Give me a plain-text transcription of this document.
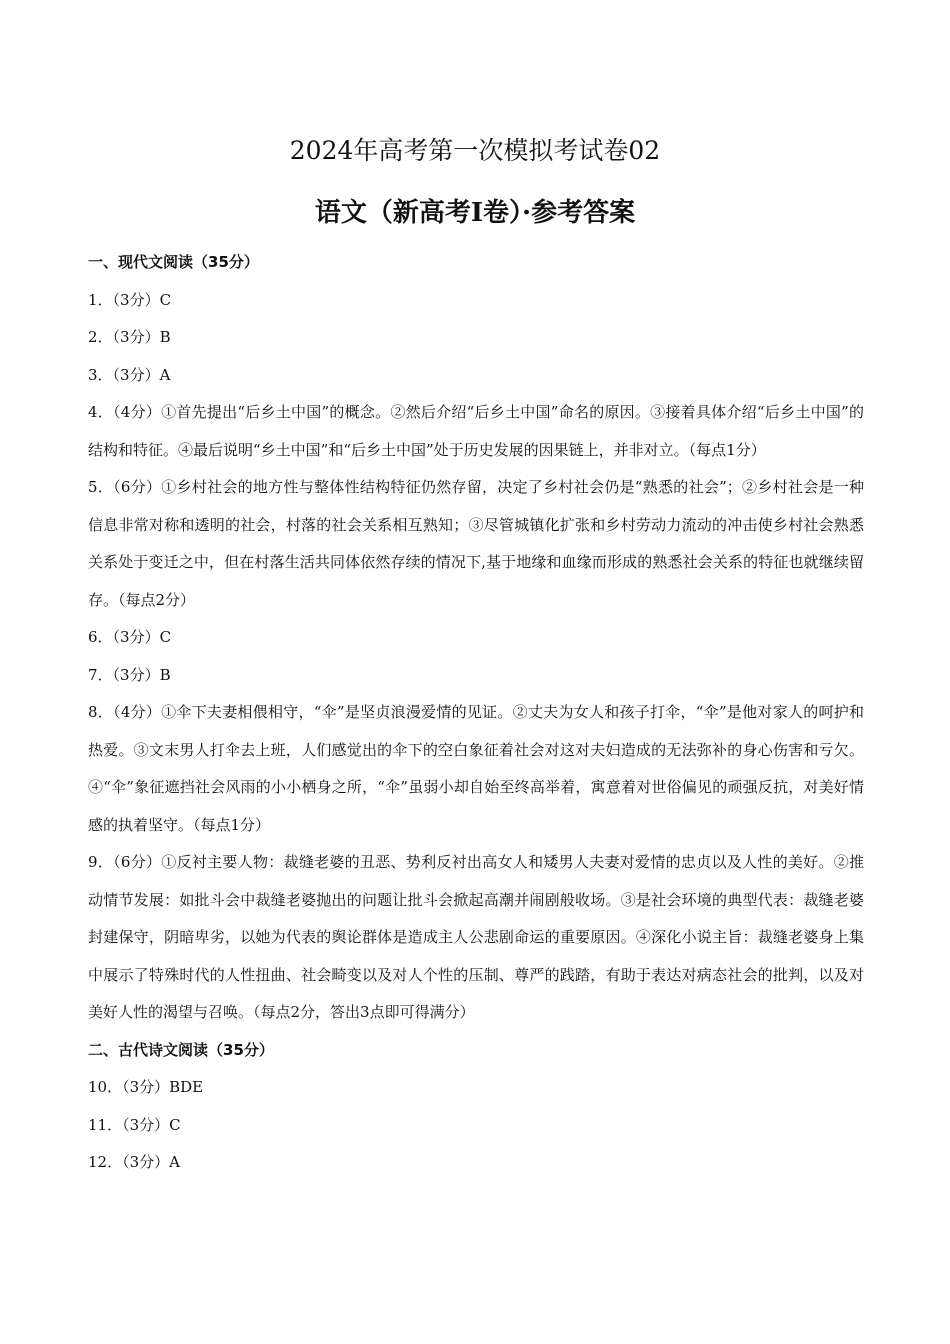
2024年高考第一次模拟考试卷02
语文（新高考Ⅰ卷）·参考答案
一、现代文阅读（35分）
1．（3分）C
2．（3分）B
3．（3分）A
4．（4分）①首先提出“后乡土中国”的概念。②然后介绍“后乡土中国”命名的原因。③接着具体介绍“后乡土中国”的结构和特征。④最后说明“乡土中国”和“后乡土中国”处于历史发展的因果链上，并非对立。（每点1分）
5．（6分）①乡村社会的地方性与整体性结构特征仍然存留，决定了乡村社会仍是“熟悉的社会”；②乡村社会是一种信息非常对称和透明的社会，村落的社会关系相互熟知；③尽管城镇化扩张和乡村劳动力流动的冲击使乡村社会熟悉关系处于变迁之中，但在村落生活共同体依然存续的情况下,基于地缘和血缘而形成的熟悉社会关系的特征也就继续留存。（每点2分）
6．（3分）C
7．（3分）B
8．（4分）①伞下夫妻相偎相守，“伞”是坚贞浪漫爱情的见证。②丈夫为女人和孩子打伞，“伞”是他对家人的呵护和热爱。③文末男人打伞去上班，人们感觉出的伞下的空白象征着社会对这对夫妇造成的无法弥补的身心伤害和亏欠。④“伞”象征遮挡社会风雨的小小栖身之所，“伞”虽弱小却自始至终高举着，寓意着对世俗偏见的顽强反抗，对美好情感的执着坚守。（每点1分）
9．（6分）①反衬主要人物：裁缝老婆的丑恶、势利反衬出高女人和矮男人夫妻对爱情的忠贞以及人性的美好。②推动情节发展：如批斗会中裁缝老婆抛出的问题让批斗会掀起高潮并闹剧般收场。③是社会环境的典型代表：裁缝老婆封建保守，阴暗卑劣，以她为代表的舆论群体是造成主人公悲剧命运的重要原因。④深化小说主旨：裁缝老婆身上集中展示了特殊时代的人性扭曲、社会畸变以及对人个性的压制、尊严的践踏，有助于表达对病态社会的批判，以及对美好人性的渴望与召唤。（每点2分，答出3点即可得满分）
二、古代诗文阅读（35分）
10．（3分）BDE
11．（3分）C
12．（3分）A
